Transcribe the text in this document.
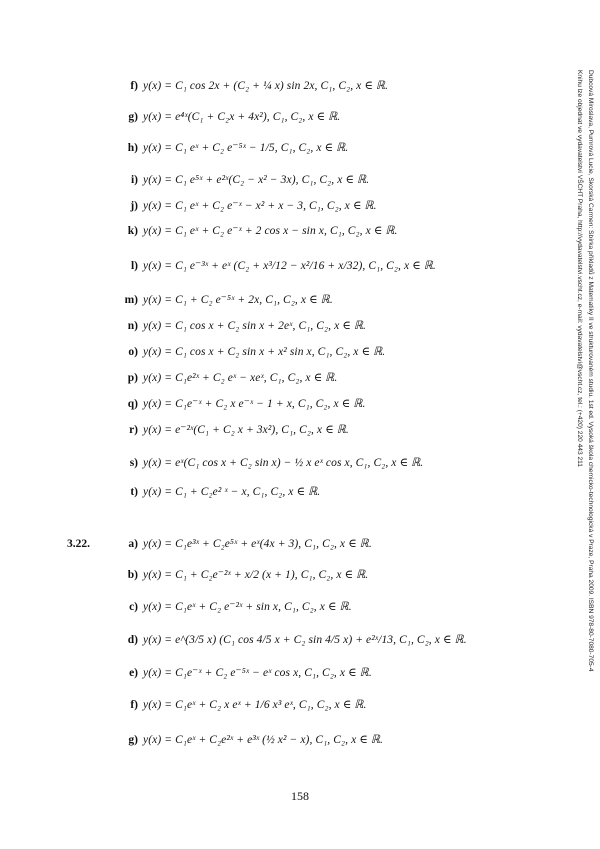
f) y(x) = C₁ cos 2x + (C₂ + ¼ x) sin 2x, C₁, C₂, x ∈ ℝ.
g) y(x) = e⁴ˣ(C₁ + C₂x + 4x²), C₁, C₂, x ∈ ℝ.
h) y(x) = C₁ eˣ + C₂ e⁻⁵ˣ − 1/5, C₁, C₂, x ∈ ℝ.
i) y(x) = C₁ e⁵ˣ + e²ˣ(C₂ − x² − 3x), C₁, C₂, x ∈ ℝ.
j) y(x) = C₁ eˣ + C₂ e⁻ˣ − x² + x − 3, C₁, C₂, x ∈ ℝ.
k) y(x) = C₁ eˣ + C₂ e⁻ˣ + 2 cos x − sin x, C₁, C₂, x ∈ ℝ.
l) y(x) = C₁ e⁻³ˣ + eˣ (C₂ + x³/12 − x²/16 + x/32), C₁, C₂, x ∈ ℝ.
m) y(x) = C₁ + C₂ e⁻⁵ˣ + 2x, C₁, C₂, x ∈ ℝ.
n) y(x) = C₁ cos x + C₂ sin x + 2eˣ, C₁, C₂, x ∈ ℝ.
o) y(x) = C₁ cos x + C₂ sin x + x² sin x, C₁, C₂, x ∈ ℝ.
p) y(x) = C₁e²ˣ + C₂ eˣ − xeˣ, C₁, C₂, x ∈ ℝ.
q) y(x) = C₁e⁻ˣ + C₂ x e⁻ˣ − 1 + x, C₁, C₂, x ∈ ℝ.
r) y(x) = e⁻²ˣ(C₁ + C₂ x + 3x²), C₁, C₂, x ∈ ℝ.
s) y(x) = eˣ(C₁ cos x + C₂ sin x) − ½ x eˣ cos x, C₁, C₂, x ∈ ℝ.
t) y(x) = C₁ + C₂e² ˣ − x, C₁, C₂, x ∈ ℝ.
3.22.	a) y(x) = C₁e³ˣ + C₂e⁵ˣ + eˣ(4x + 3), C₁, C₂, x ∈ ℝ.
b) y(x) = C₁ + C₂e⁻²ˣ + x/2 (x + 1), C₁, C₂, x ∈ ℝ.
c) y(x) = C₁eˣ + C₂ e⁻²ˣ + sin x, C₁, C₂, x ∈ ℝ.
d) y(x) = e^(3/5 x) (C₁ cos 4/5 x + C₂ sin 4/5 x) + e²ˣ/13, C₁, C₂, x ∈ ℝ.
e) y(x) = C₁e⁻ˣ + C₂ e⁻⁵ˣ − eˣ cos x, C₁, C₂, x ∈ ℝ.
f) y(x) = C₁eˣ + C₂ x eˣ + 1/6 x³ eˣ, C₁, C₂, x ∈ ℝ.
g) y(x) = C₁eˣ + C₂e²ˣ + e³ˣ (½ x² − x), C₁, C₂, x ∈ ℝ.
158
Dubcová Miroslava, Pumrová Lucie, Skorská Carmen: Sbírka příkladů z Matematiky II ve strukturovaném studiu. 1st ed. Vysoká škola chemicko-technologická v Praze, Praha 2009. ISBN 978-80-7080-705-4
Knihu lze objednat ve vydavatelství VŠCHT Praha, http://vydavatelstvi.vscht.cz, e-mail: vydavatelstvi@vscht.cz, tel.: (+420) 220 443 211
